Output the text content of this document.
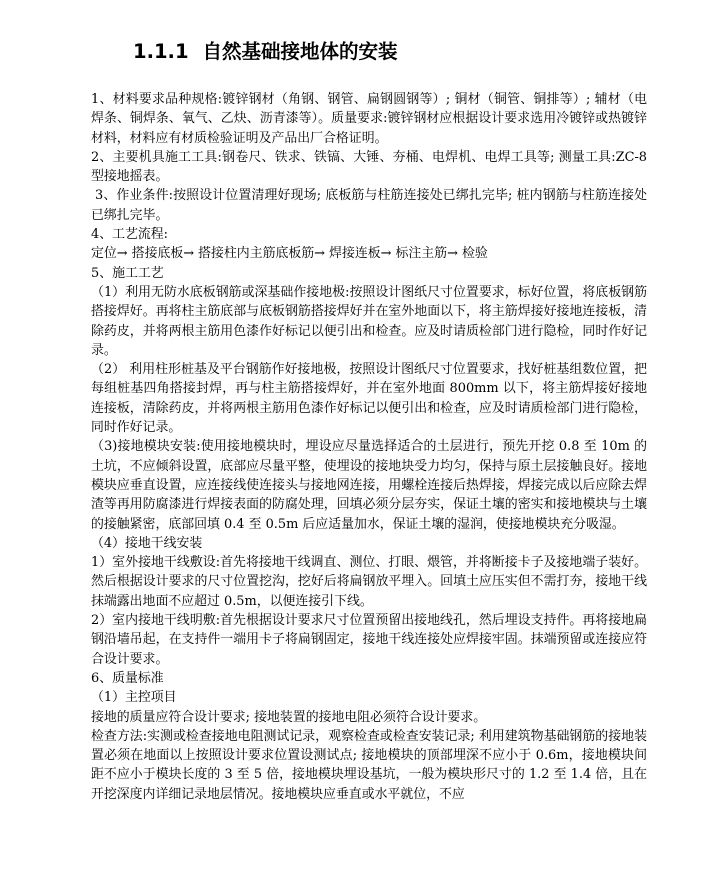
1.1.1 自然基础接地体的安装

1、材料要求品种规格:镀锌钢材（角钢、钢管、扁钢圆钢等）; 铜材（铜管、铜排等）; 辅材（电焊条、铜焊条、氧气、乙炔、沥青漆等）。质量要求:镀锌钢材应根据设计要求选用冷镀锌或热镀锌材料，材料应有材质检验证明及产品出厂合格证明。

2、主要机具施工工具:钢卷尺、铁求、铁镐、大锤、夯桶、电焊机、电焊工具等; 测量工具:ZC-8型接地摇表。

3、作业条件:按照设计位置清理好现场; 底板筋与柱筋连接处已绑扎完毕; 桩内钢筋与柱筋连接处已绑扎完毕。

4、工艺流程:

定位→ 搭接底板→ 搭接柱内主筋底板筋→ 焊接连板→ 标注主筋→ 检验

5、施工工艺

（1）利用无防水底板钢筋或深基础作接地极:按照设计图纸尺寸位置要求，标好位置，将底板钢筋搭接焊好。再将柱主筋底部与底板钢筋搭接焊好并在室外地面以下，将主筋焊接好接地连接板，清除药皮，并将两根主筋用色漆作好标记以便引出和检查。应及时请质检部门进行隐检，同时作好记录。

（2） 利用柱形桩基及平台钢筋作好接地极，按照设计图纸尺寸位置要求，找好桩基组数位置，把每组桩基四角搭接封焊，再与柱主筋搭接焊好，并在室外地面 800mm 以下，将主筋焊接好接地连接板，清除药皮，并将两根主筋用色漆作好标记以便引出和检查，应及时请质检部门进行隐检，同时作好记录。

（3)接地模块安装:使用接地模块时，埋设应尽量选择适合的土层进行，预先开挖 0.8 至 10m 的土坑，不应倾斜设置，底部应尽量平整，使埋设的接地块受力均匀，保持与原土层接触良好。接地模块应垂直设置，应连接线使连接头与接地网连接，用螺栓连接后热焊接，焊接完成以后应除去焊渣等再用防腐漆进行焊接表面的防腐处理，回填必须分层夯实，保证土壤的密实和接地模块与土壤的接触紧密，底部回填 0.4 至 0.5m 后应适量加水，保证土壤的湿润，使接地模块充分吸湿。

（4）接地干线安装

1）室外接地干线敷设:首先将接地干线调直、测位、打眼、煨管，并将断接卡子及接地端子装好。然后根据设计要求的尺寸位置挖沟，挖好后将扁钢放平埋入。回填土应压实但不需打夯，接地干线抹端露出地面不应超过 0.5m，以便连接引下线。

2）室内接地干线明敷:首先根据设计要求尺寸位置预留出接地线孔，然后埋设支持件。再将接地扁钢沿墙吊起，在支持件一端用卡子将扁钢固定，接地干线连接处应焊接牢固。抹端预留或连接应符合设计要求。

6、质量标准

（1）主控项目

接地的质量应符合设计要求; 接地装置的接地电阻必须符合设计要求。

检查方法:实测或检查接地电阻测试记录，观察检查或检查安装记录; 利用建筑物基础钢筋的接地装置必须在地面以上按照设计要求位置设测试点; 接地模块的顶部埋深不应小于 0.6m，接地模块间距不应小于模块长度的 3 至 5 倍，接地模块埋设基坑，一般为模块形尺寸的 1.2 至 1.4 倍，且在开挖深度内详细记录地层情况。接地模块应垂直或水平就位，不应
